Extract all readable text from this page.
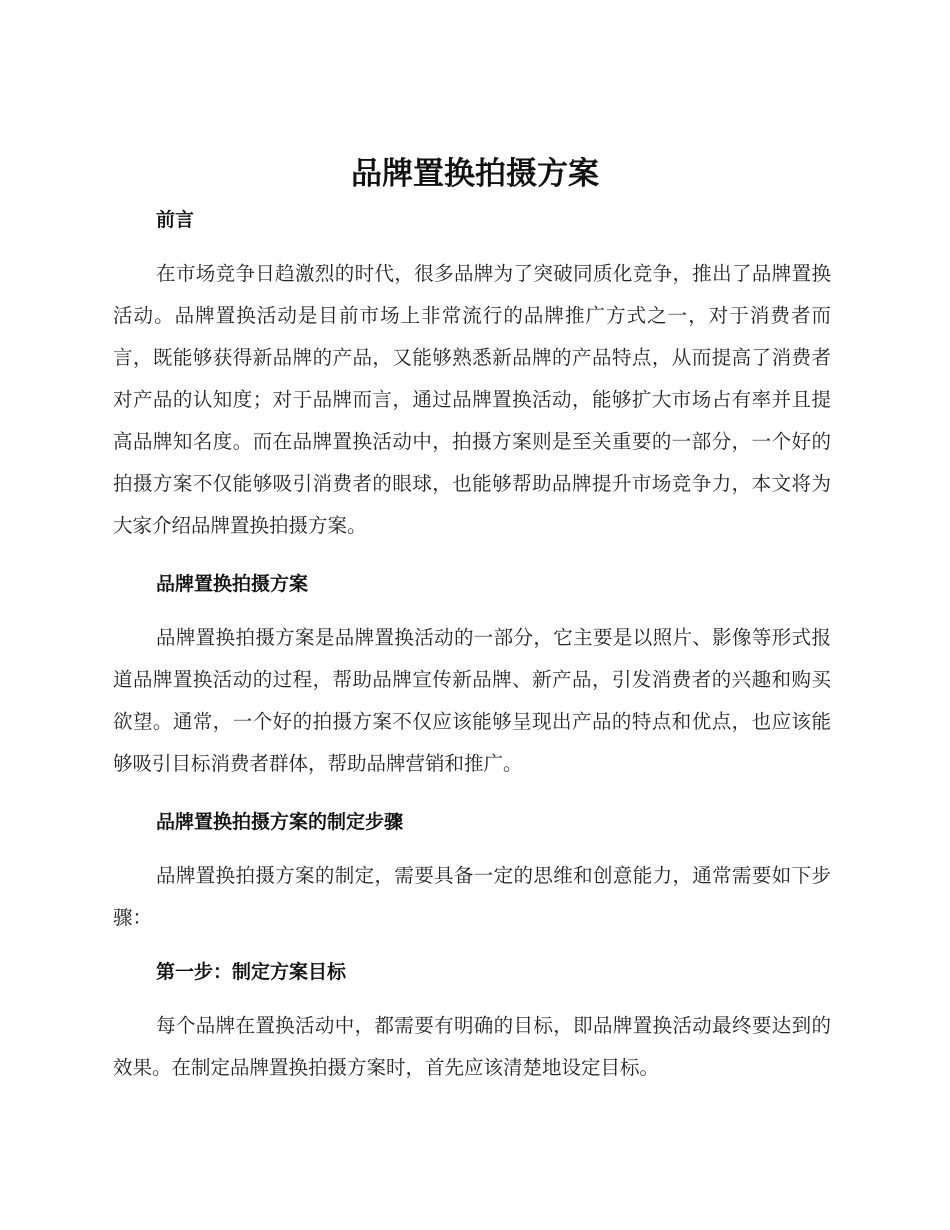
品牌置换拍摄方案
前言

在市场竞争日趋激烈的时代，很多品牌为了突破同质化竞争，推出了品牌置换活动。品牌置换活动是目前市场上非常流行的品牌推广方式之一，对于消费者而言，既能够获得新品牌的产品，又能够熟悉新品牌的产品特点，从而提高了消费者对产品的认知度；对于品牌而言，通过品牌置换活动，能够扩大市场占有率并且提高品牌知名度。而在品牌置换活动中，拍摄方案则是至关重要的一部分，一个好的拍摄方案不仅能够吸引消费者的眼球，也能够帮助品牌提升市场竞争力，本文将为大家介绍品牌置换拍摄方案。

品牌置换拍摄方案

品牌置换拍摄方案是品牌置换活动的一部分，它主要是以照片、影像等形式报道品牌置换活动的过程，帮助品牌宣传新品牌、新产品，引发消费者的兴趣和购买欲望。通常，一个好的拍摄方案不仅应该能够呈现出产品的特点和优点，也应该能够吸引目标消费者群体，帮助品牌营销和推广。

品牌置换拍摄方案的制定步骤

品牌置换拍摄方案的制定，需要具备一定的思维和创意能力，通常需要如下步骤：

第一步：制定方案目标

每个品牌在置换活动中，都需要有明确的目标，即品牌置换活动最终要达到的效果。在制定品牌置换拍摄方案时，首先应该清楚地设定目标。
